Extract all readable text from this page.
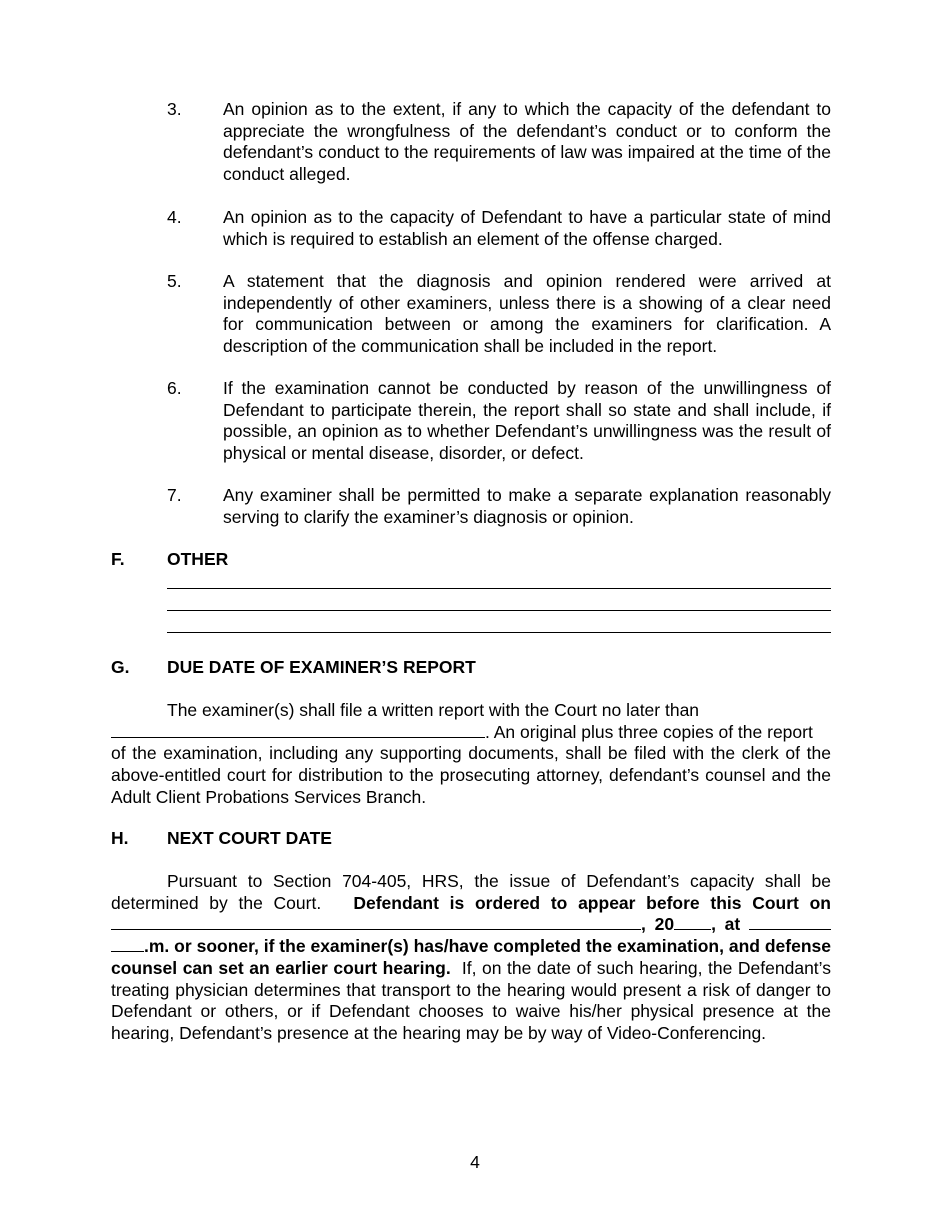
3.	An opinion as to the extent, if any to which the capacity of the defendant to appreciate the wrongfulness of the defendant’s conduct or to conform the defendant’s conduct to the requirements of law was impaired at the time of the conduct alleged.
4.	An opinion as to the capacity of Defendant to have a particular state of mind which is required to establish an element of the offense charged.
5.	A statement that the diagnosis and opinion rendered were arrived at independently of other examiners, unless there is a showing of a clear need for communication between or among the examiners for clarification. A description of the communication shall be included in the report.
6.	If the examination cannot be conducted by reason of the unwillingness of Defendant to participate therein, the report shall so state and shall include, if possible, an opinion as to whether Defendant’s unwillingness was the result of physical or mental disease, disorder, or defect.
7.	Any examiner shall be permitted to make a separate explanation reasonably serving to clarify the examiner’s diagnosis or opinion.
F. OTHER
G. DUE DATE OF EXAMINER’S REPORT
The examiner(s) shall file a written report with the Court no later than
. An original plus three copies of the report
of the examination, including any supporting documents, shall be filed with the clerk of the above-entitled court for distribution to the prosecuting attorney, defendant’s counsel and the Adult Client Probations Services Branch.
H. NEXT COURT DATE
Pursuant to Section 704-405, HRS, the issue of Defendant’s capacity shall be determined by the Court. Defendant is ordered to appear before this Court on , 20 , at  .m. or sooner, if the examiner(s) has/have completed the examination, and defense counsel can set an earlier court hearing. If, on the date of such hearing, the Defendant’s treating physician determines that transport to the hearing would present a risk of danger to Defendant or others, or if Defendant chooses to waive his/her physical presence at the hearing, Defendant’s presence at the hearing may be by way of Video-Conferencing.
4
